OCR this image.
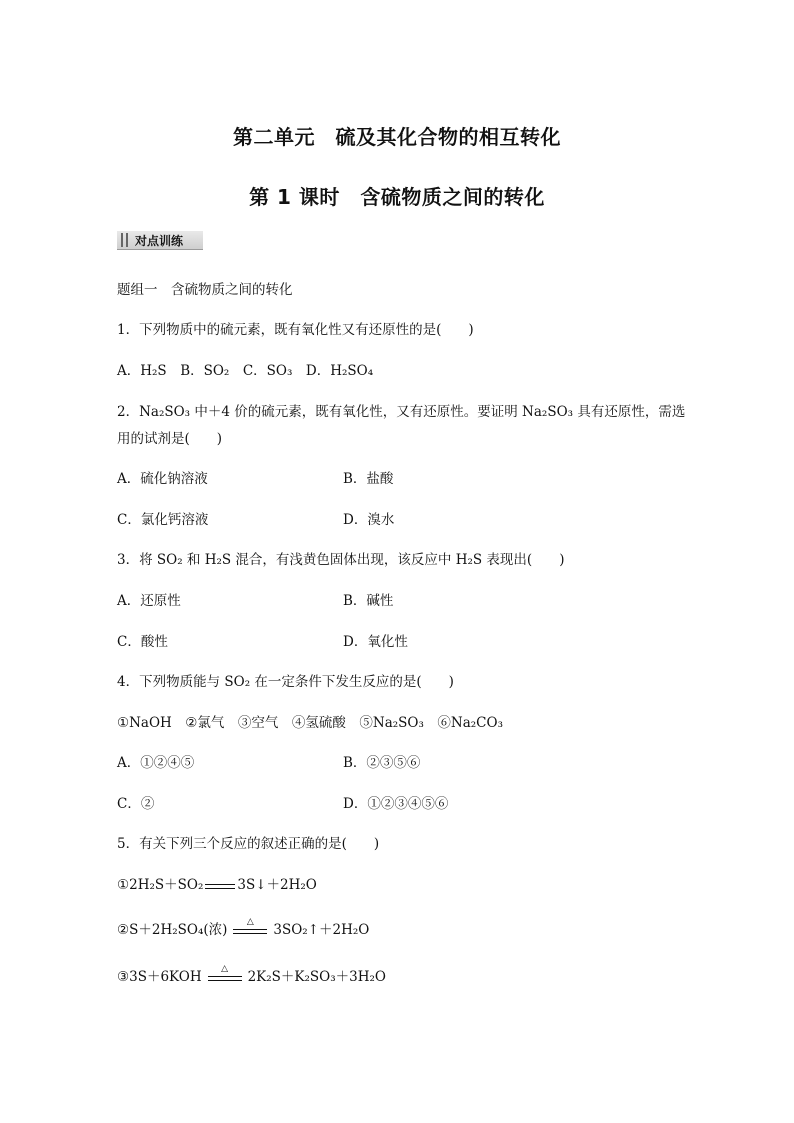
第二单元　硫及其化合物的相互转化
第 1 课时　含硫物质之间的转化
对点训练
题组一　含硫物质之间的转化
1．下列物质中的硫元素，既有氧化性又有还原性的是(　　)
A．H₂S　 B．SO₂　 C．SO₃　 D．H₂SO₄
2．Na₂SO₃ 中＋4 价的硫元素，既有氧化性，又有还原性。要证明 Na₂SO₃ 具有还原性，需选
用的试剂是(　　)
A．硫化钠溶液	B．盐酸
C．氯化钙溶液	D．溴水
3．将 SO₂ 和 H₂S 混合，有浅黄色固体出现，该反应中 H₂S 表现出(　　)
A．还原性	B．碱性
C．酸性	D．氧化性
4．下列物质能与 SO₂ 在一定条件下发生反应的是(　　)
①NaOH　②氯气　③空气　④氢硫酸　⑤Na₂SO₃　⑥Na₂CO₃
A．①②④⑤	B．②③⑤⑥
C．②	D．①②③④⑤⑥
5．有关下列三个反应的叙述正确的是(　　)
①2H₂S＋SO₂	3S↓＋2H₂O
②S＋2H₂SO₄(浓)
△
3SO₂↑＋2H₂O
③3S＋6KOH
△
2K₂S＋K₂SO₃＋3H₂O
